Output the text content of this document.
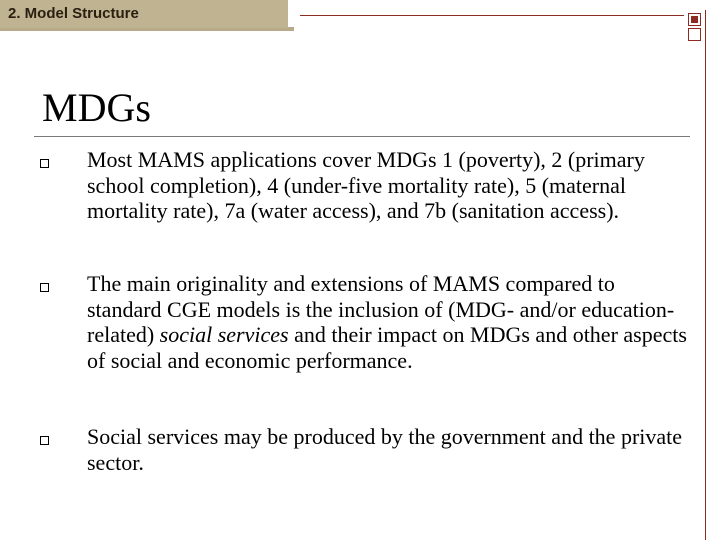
2. Model Structure
MDGs
Most MAMS applications cover MDGs 1 (poverty), 2 (primary school completion), 4 (under-five mortality rate), 5 (maternal mortality rate), 7a (water access), and 7b (sanitation access).
The main originality and extensions of MAMS compared to standard CGE models is the inclusion of (MDG- and/or education-related) social services and their impact on MDGs and other aspects of social and economic performance.
Social services may be produced by the government and the private sector.
